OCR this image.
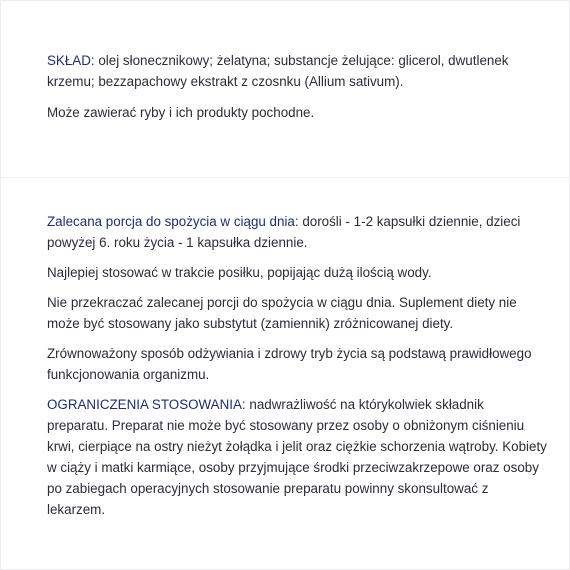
SKŁAD: olej słonecznikowy; żelatyna; substancje żelujące: glicerol, dwutlenek krzemu; bezzapachowy ekstrakt z czosnku (Allium sativum).

Może zawierać ryby i ich produkty pochodne.

Zalecana porcja do spożycia w ciągu dnia: dorośli - 1-2 kapsułki dziennie, dzieci powyżej 6. roku życia - 1 kapsułka dziennie.

Najlepiej stosować w trakcie posiłku, popijając dużą ilością wody.

Nie przekraczać zalecanej porcji do spożycia w ciągu dnia. Suplement diety nie może być stosowany jako substytut (zamiennik) zróżnicowanej diety.

Zrównoważony sposób odżywiania i zdrowy tryb życia są podstawą prawidłowego funkcjonowania organizmu.

OGRANICZENIA STOSOWANIA: nadwrażliwość na którykolwiek składnik preparatu. Preparat nie może być stosowany przez osoby o obniżonym ciśnieniu krwi, cierpiące na ostry nieżyt żołądka i jelit oraz ciężkie schorzenia wątroby. Kobiety w ciąży i matki karmiące, osoby przyjmujące środki przeciwzakrzepowe oraz osoby po zabiegach operacyjnych stosowanie preparatu powinny skonsultować z lekarzem.
